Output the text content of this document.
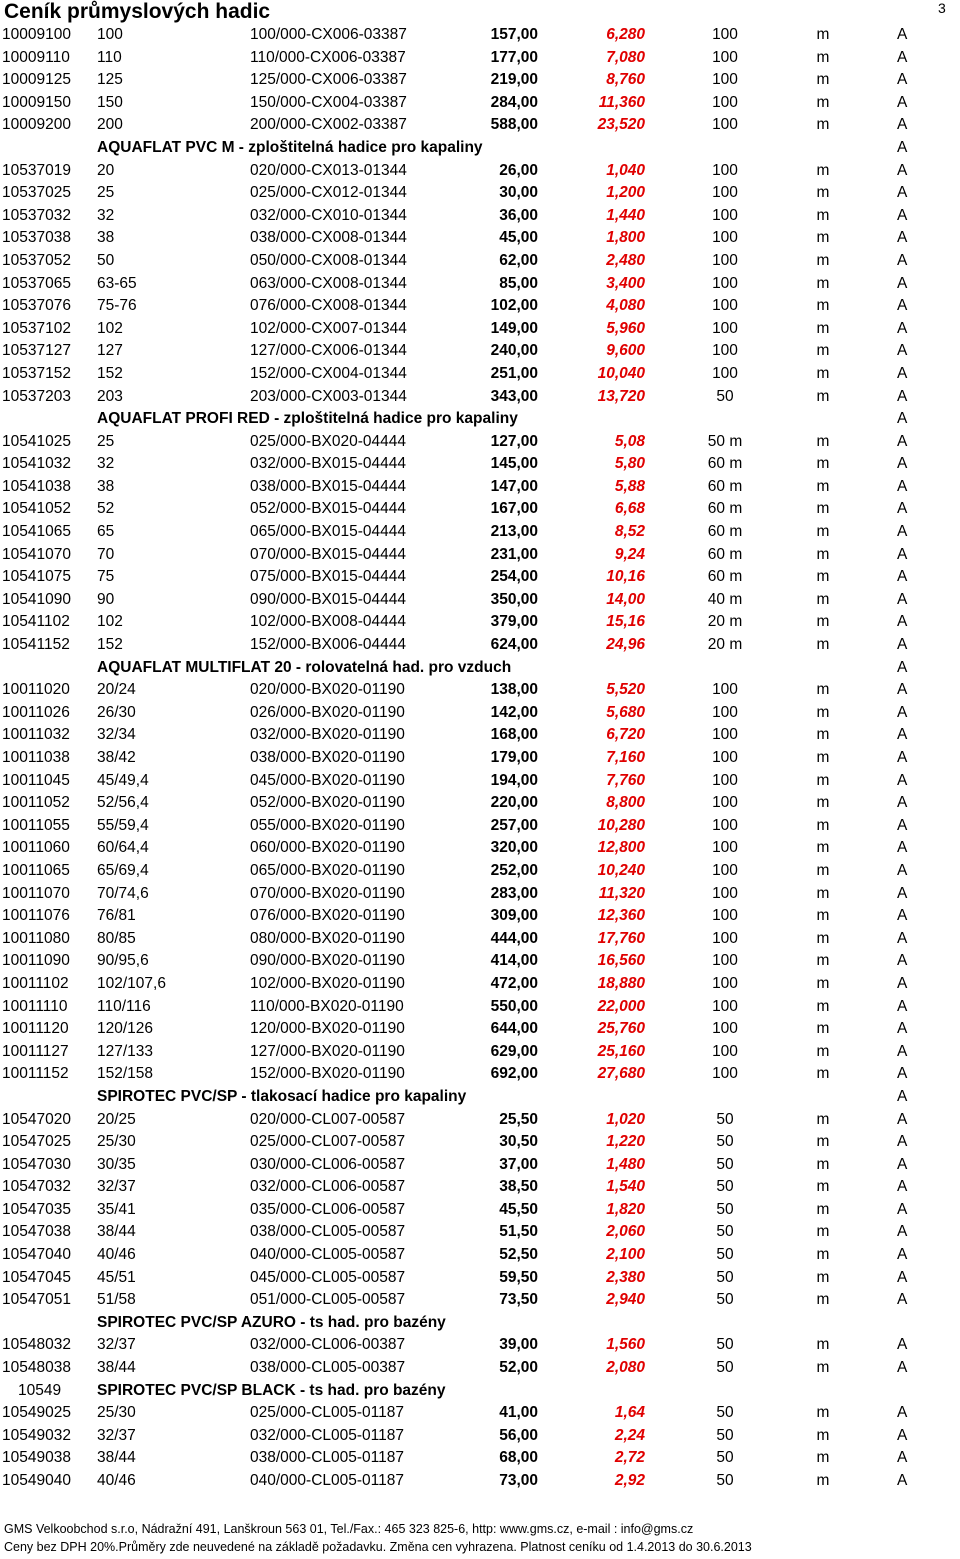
Ceník průmyslových hadic	3
10009100 100	100/000-CX006-03387	157,00	6,280	100	m	A
10009110 110	110/000-CX006-03387	177,00	7,080	100	m	A
10009125 125	125/000-CX006-03387	219,00	8,760	100	m	A
10009150 150	150/000-CX004-03387	284,00	11,360	100	m	A
10009200 200	200/000-CX002-03387	588,00	23,520	100	m	A
AQUAFLAT PVC M - zploštitelná hadice pro kapaliny	A
10537019 20	020/000-CX013-01344	26,00	1,040	100	m	A
10537025 25	025/000-CX012-01344	30,00	1,200	100	m	A
10537032 32	032/000-CX010-01344	36,00	1,440	100	m	A
10537038 38	038/000-CX008-01344	45,00	1,800	100	m	A
10537052 50	050/000-CX008-01344	62,00	2,480	100	m	A
10537065 63-65	063/000-CX008-01344	85,00	3,400	100	m	A
10537076 75-76	076/000-CX008-01344	102,00	4,080	100	m	A
10537102 102	102/000-CX007-01344	149,00	5,960	100	m	A
10537127 127	127/000-CX006-01344	240,00	9,600	100	m	A
10537152 152	152/000-CX004-01344	251,00	10,040	100	m	A
10537203 203	203/000-CX003-01344	343,00	13,720	50	m	A
AQUAFLAT PROFI RED - zploštitelná hadice pro kapaliny	A
10541025 25	025/000-BX020-04444	127,00	5,08	50 m	m	A
10541032 32	032/000-BX015-04444	145,00	5,80	60 m	m	A
10541038 38	038/000-BX015-04444	147,00	5,88	60 m	m	A
10541052 52	052/000-BX015-04444	167,00	6,68	60 m	m	A
10541065 65	065/000-BX015-04444	213,00	8,52	60 m	m	A
10541070 70	070/000-BX015-04444	231,00	9,24	60 m	m	A
10541075 75	075/000-BX015-04444	254,00	10,16	60 m	m	A
10541090 90	090/000-BX015-04444	350,00	14,00	40 m	m	A
10541102 102	102/000-BX008-04444	379,00	15,16	20 m	m	A
10541152 152	152/000-BX006-04444	624,00	24,96	20 m	m	A
AQUAFLAT MULTIFLAT 20 - rolovatelná had. pro vzduch	A
10011020 20/24	020/000-BX020-01190	138,00	5,520	100	m	A
10011026 26/30	026/000-BX020-01190	142,00	5,680	100	m	A
10011032 32/34	032/000-BX020-01190	168,00	6,720	100	m	A
10011038 38/42	038/000-BX020-01190	179,00	7,160	100	m	A
10011045 45/49,4	045/000-BX020-01190	194,00	7,760	100	m	A
10011052 52/56,4	052/000-BX020-01190	220,00	8,800	100	m	A
10011055 55/59,4	055/000-BX020-01190	257,00	10,280	100	m	A
10011060 60/64,4	060/000-BX020-01190	320,00	12,800	100	m	A
10011065 65/69,4	065/000-BX020-01190	252,00	10,240	100	m	A
10011070 70/74,6	070/000-BX020-01190	283,00	11,320	100	m	A
10011076 76/81	076/000-BX020-01190	309,00	12,360	100	m	A
10011080 80/85	080/000-BX020-01190	444,00	17,760	100	m	A
10011090 90/95,6	090/000-BX020-01190	414,00	16,560	100	m	A
10011102 102/107,6	102/000-BX020-01190	472,00	18,880	100	m	A
10011110 110/116	110/000-BX020-01190	550,00	22,000	100	m	A
10011120 120/126	120/000-BX020-01190	644,00	25,760	100	m	A
10011127 127/133	127/000-BX020-01190	629,00	25,160	100	m	A
10011152 152/158	152/000-BX020-01190	692,00	27,680	100	m	A
SPIROTEC PVC/SP - tlakosací hadice pro kapaliny	A
10547020 20/25	020/000-CL007-00587	25,50	1,020	50	m	A
10547025 25/30	025/000-CL007-00587	30,50	1,220	50	m	A
10547030 30/35	030/000-CL006-00587	37,00	1,480	50	m	A
10547032 32/37	032/000-CL006-00587	38,50	1,540	50	m	A
10547035 35/41	035/000-CL006-00587	45,50	1,820	50	m	A
10547038 38/44	038/000-CL005-00587	51,50	2,060	50	m	A
10547040 40/46	040/000-CL005-00587	52,50	2,100	50	m	A
10547045 45/51	045/000-CL005-00587	59,50	2,380	50	m	A
10547051 51/58	051/000-CL005-00587	73,50	2,940	50	m	A
SPIROTEC PVC/SP AZURO - ts had. pro bazény
10548032 32/37	032/000-CL006-00387	39,00	1,560	50	m	A
10548038 38/44	038/000-CL005-00387	52,00	2,080	50	m	A
10549 SPIROTEC PVC/SP BLACK - ts had. pro bazény
10549025 25/30	025/000-CL005-01187	41,00	1,64	50	m	A
10549032 32/37	032/000-CL005-01187	56,00	2,24	50	m	A
10549038 38/44	038/000-CL005-01187	68,00	2,72	50	m	A
10549040 40/46	040/000-CL005-01187	73,00	2,92	50	m	A
GMS Velkoobchod s.r.o, Nádražní 491, Lanškroun 563 01, Tel./Fax.: 465 323 825-6, http: www.gms.cz, e-mail : info@gms.cz
Ceny bez DPH 20%.Průměry zde neuvedené na základě požadavku. Změna cen vyhrazena. Platnost ceníku od 1.4.2013 do 30.6.2013
